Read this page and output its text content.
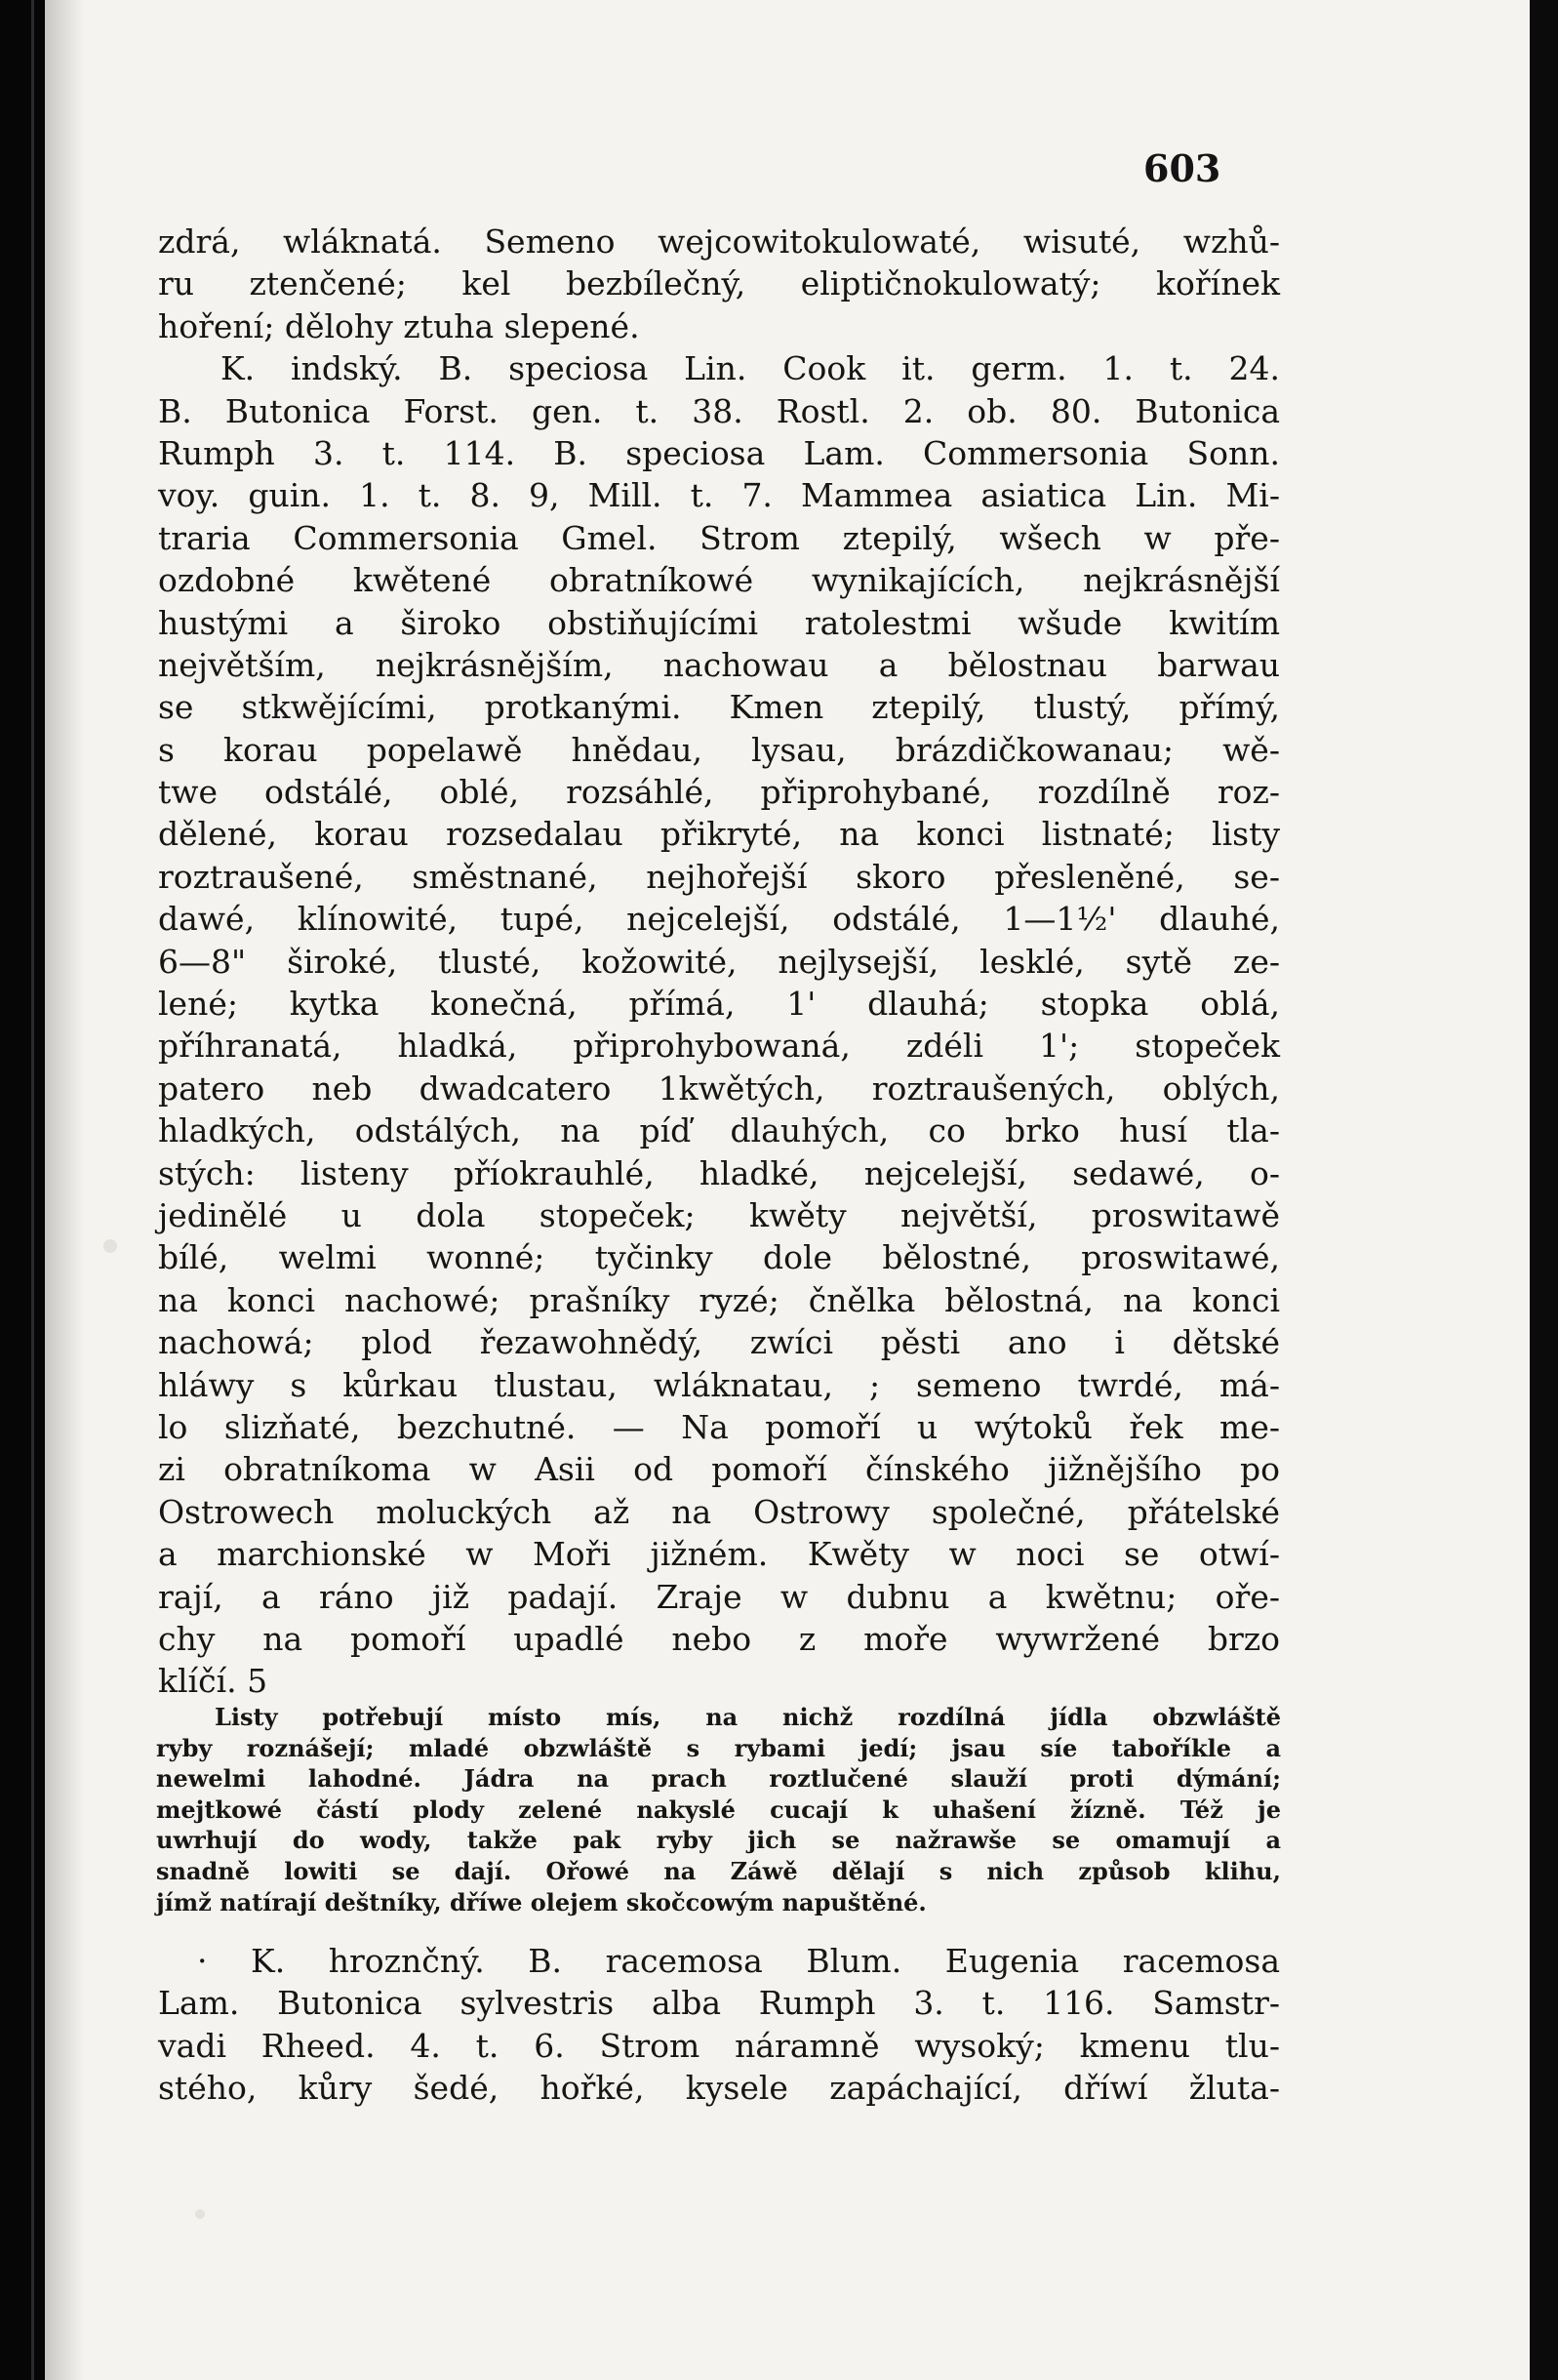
603
zdrá, wláknatá. Semeno wejcowitokulowaté, wisuté, wzhů-
ru ztenčené; kel bezbílečný, eliptičnokulowatý; kořínek
hoření; dělohy ztuha slepené.
K. indský. B. speciosa Lin. Cook it. germ. 1. t. 24.
B. Butonica Forst. gen. t. 38. Rostl. 2. ob. 80. Butonica
Rumph 3. t. 114. B. speciosa Lam. Commersonia Sonn.
voy. guin. 1. t. 8. 9, Mill. t. 7. Mammea asiatica Lin. Mi-
traria Commersonia Gmel. Strom ztepilý, wšech w pře-
ozdobné kwětené obratníkowé wynikajících, nejkrásnější
hustými a široko obstiňujícími ratolestmi wšude kwitím
největším, nejkrásnějším, nachowau a bělostnau barwau
se stkwějícími, protkanými. Kmen ztepilý, tlustý, přímý,
s korau popelawě hnědau, lysau, brázdičkowanau; wě-
twe odstálé, oblé, rozsáhlé, připrohybané, rozdílně roz-
dělené, korau rozsedalau přikryté, na konci listnaté; listy
roztraušené, směstnané, nejhořejší skoro přesleněné, se-
dawé, klínowité, tupé, nejcelejší, odstálé, 1—1½' dlauhé,
6—8" široké, tlusté, kožowité, nejlysejší, lesklé, sytě ze-
lené; kytka konečná, přímá, 1' dlauhá; stopka oblá,
příhranatá, hladká, připrohybowaná, zdéli 1'; stopeček
patero neb dwadcatero 1kwětých, roztraušených, oblých,
hladkých, odstálých, na píď dlauhých, co brko husí tla-
stých: listeny příokrauhlé, hladké, nejcelejší, sedawé, o-
jedinělé u dola stopeček; kwěty největší, proswitawě
bílé, welmi wonné; tyčinky dole bělostné, proswitawé,
na konci nachowé; prašníky ryzé; čnělka bělostná, na konci
nachowá; plod řezawohnědý, zwíci pěsti ano i dětské
hláwy s kůrkau tlustau, wláknatau, ; semeno twrdé, má-
lo slizňaté, bezchutné. — Na pomoří u wýtoků řek me-
zi obratníkoma w Asii od pomoří čínského jižnějšího po
Ostrowech moluckých až na Ostrowy společné, přátelské
a marchionské w Moři jižném. Kwěty w noci se otwí-
rají, a ráno již padají. Zraje w dubnu a kwětnu; ořе-
chy na pomoří upadlé nebo z moře wywržené brzo
klíčí. 5
Listy potřebují místo mís, na nichž rozdílná jídla obzwláště
ryby roznášejí; mladé obzwláště s rybami jedí; jsau síe taboříkle a
newelmi lahodné. Jádra na prach roztlučené slauží proti dýmání;
mejtkowé částí plody zelené nakyslé cucají k uhašení žízně. Též je
uwrhují do wody, takže pak ryby jich se nažrawše se omamují a
snadně lowiti se dají. Ořowé na Záwě dělají s nich způsob klihu,
jímž natírají deštníky, dříwe olejem skočcowým napuštěné.
· K. hroznčný. B. racemosa Blum. Eugenia racemosa
Lam. Butonica sylvestris alba Rumph 3. t. 116. Samstr-
vadi Rheed. 4. t. 6. Strom náramně wysoký; kmenu tlu-
stého, kůry šedé, hořké, kysele zapáchající, dříwí žluta-
